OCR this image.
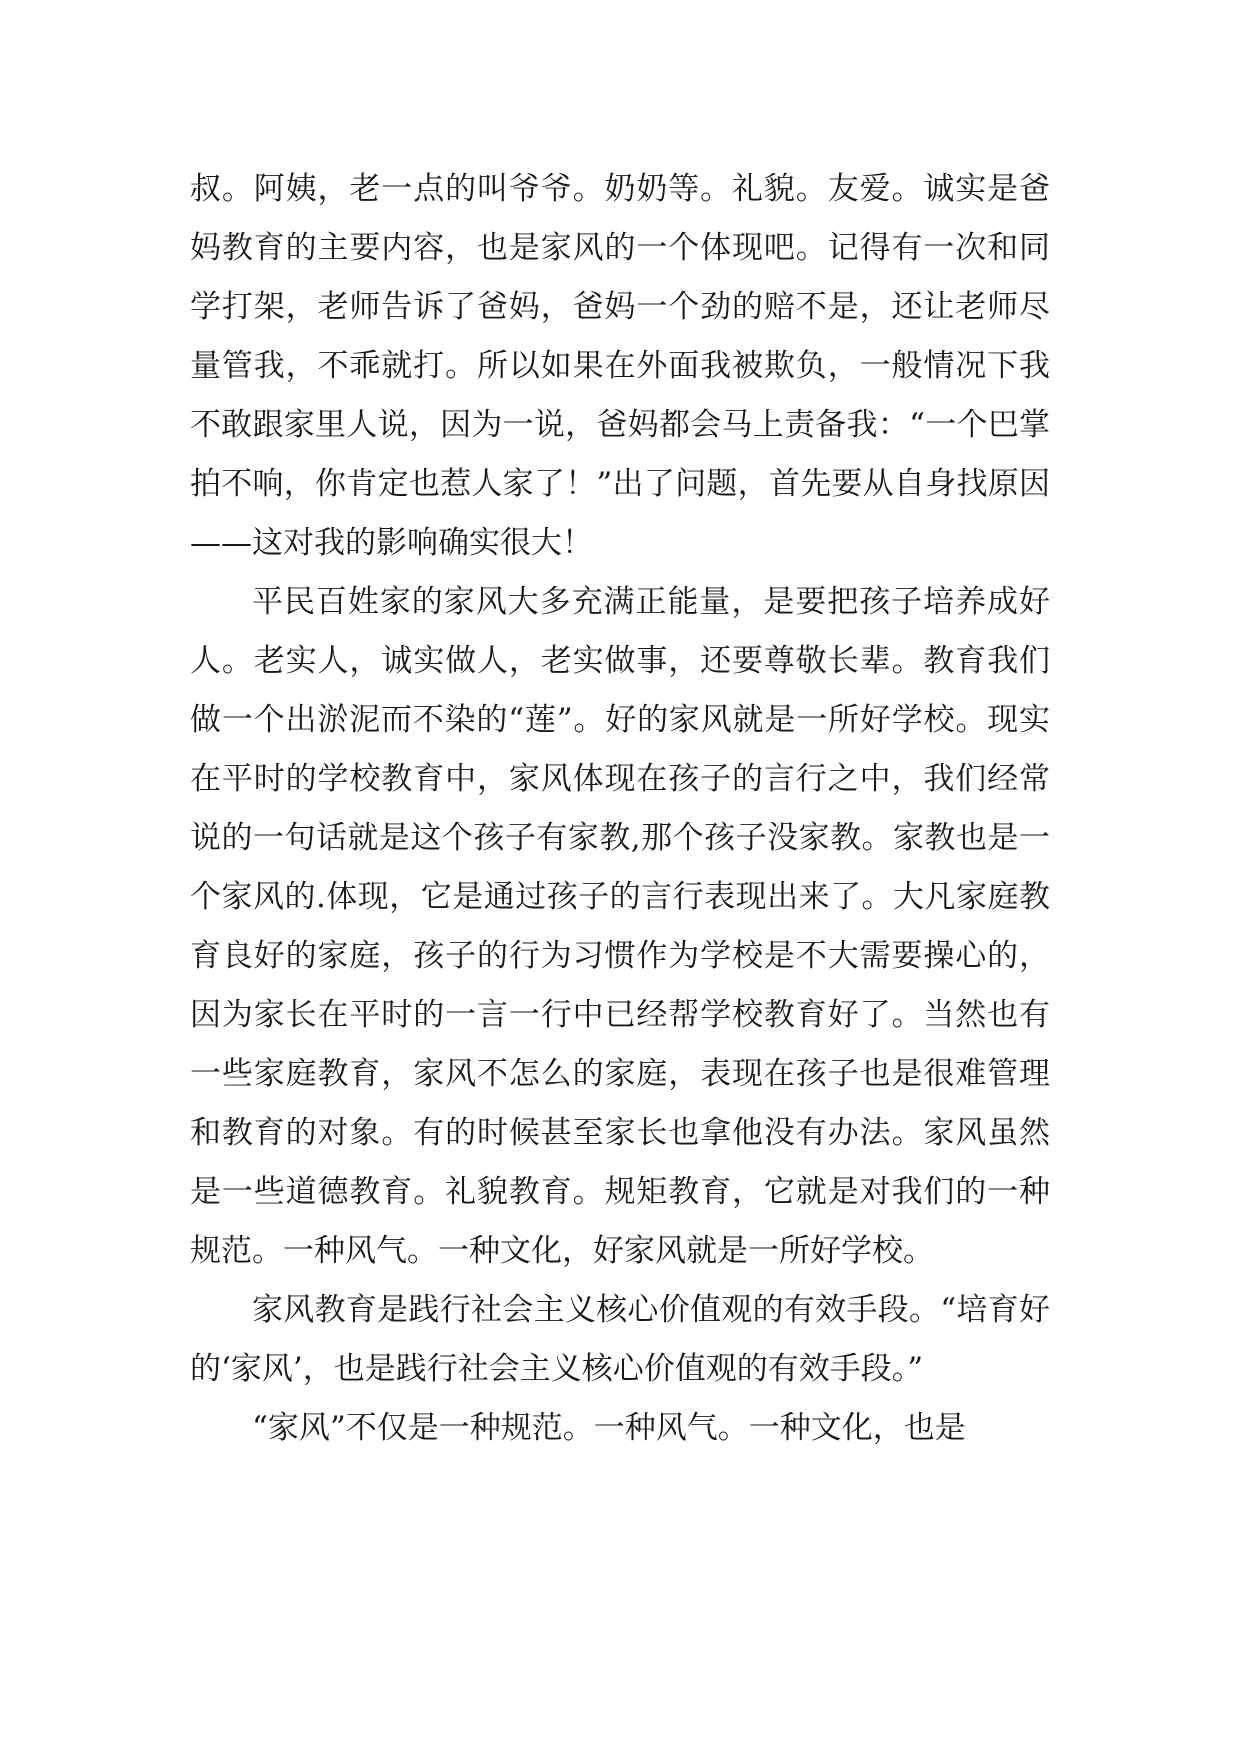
叔。阿姨，老一点的叫爷爷。奶奶等。礼貌。友爱。诚实是爸妈教育的主要内容，也是家风的一个体现吧。记得有一次和同学打架，老师告诉了爸妈，爸妈一个劲的赔不是，还让老师尽量管我，不乖就打。所以如果在外面我被欺负，一般情况下我不敢跟家里人说，因为一说，爸妈都会马上责备我：“一个巴掌拍不响，你肯定也惹人家了！”出了问题，首先要从自身找原因——这对我的影响确实很大！

平民百姓家的家风大多充满正能量，是要把孩子培养成好人。老实人，诚实做人，老实做事，还要尊敬长辈。教育我们做一个出淤泥而不染的“莲”。好的家风就是一所好学校。现实在平时的学校教育中，家风体现在孩子的言行之中，我们经常说的一句话就是这个孩子有家教,那个孩子没家教。家教也是一个家风的.体现，它是通过孩子的言行表现出来了。大凡家庭教育良好的家庭，孩子的行为习惯作为学校是不大需要操心的，因为家长在平时的一言一行中已经帮学校教育好了。当然也有一些家庭教育，家风不怎么的家庭，表现在孩子也是很难管理和教育的对象。有的时候甚至家长也拿他没有办法。家风虽然是一些道德教育。礼貌教育。规矩教育，它就是对我们的一种规范。一种风气。一种文化，好家风就是一所好学校。

家风教育是践行社会主义核心价值观的有效手段。“培育好的‘家风’，也是践行社会主义核心价值观的有效手段。”

“家风”不仅是一种规范。一种风气。一种文化，也是
